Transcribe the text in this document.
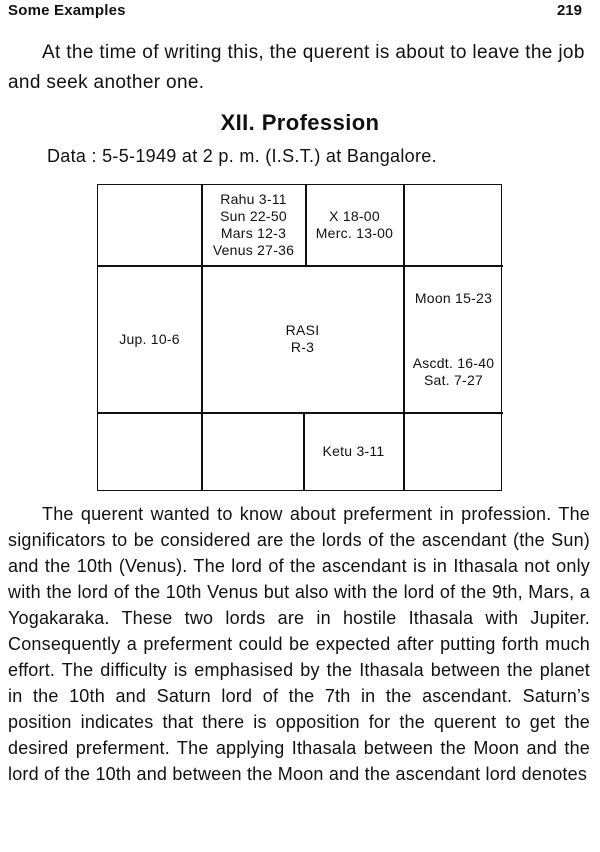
Some Examples	219

At the time of writing this, the querent is about to leave the job and seek another one.

XII. Profession
Data : 5-5-1949 at 2 p. m. (I.S.T.) at Bangalore.
Rahu 3-11
Sun 22-50
Mars 12-3
Venus 27-36
X 18-00
Merc. 13-00
Moon 15-23
RASI
R-3
Jup. 10-6
Ascdt. 16-40
Sat. 7-27
Ketu 3-11

The querent wanted to know about preferment in profession. The significators to be considered are the lords of the ascendant (the Sun) and the 10th (Venus). The lord of the ascendant is in Ithasala not only with the lord of the 10th Venus but also with the lord of the 9th, Mars, a Yogakaraka. These two lords are in hostile Ithasala with Jupiter. Consequently a preferment could be expected after putting forth much effort. The difficulty is emphasised by the Ithasala between the planet in the 10th and Saturn lord of the 7th in the ascendant. Saturn’s position indicates that there is opposition for the querent to get the desired preferment. The applying Ithasala between the Moon and the lord of the 10th and between the Moon and the ascendant lord denotes
